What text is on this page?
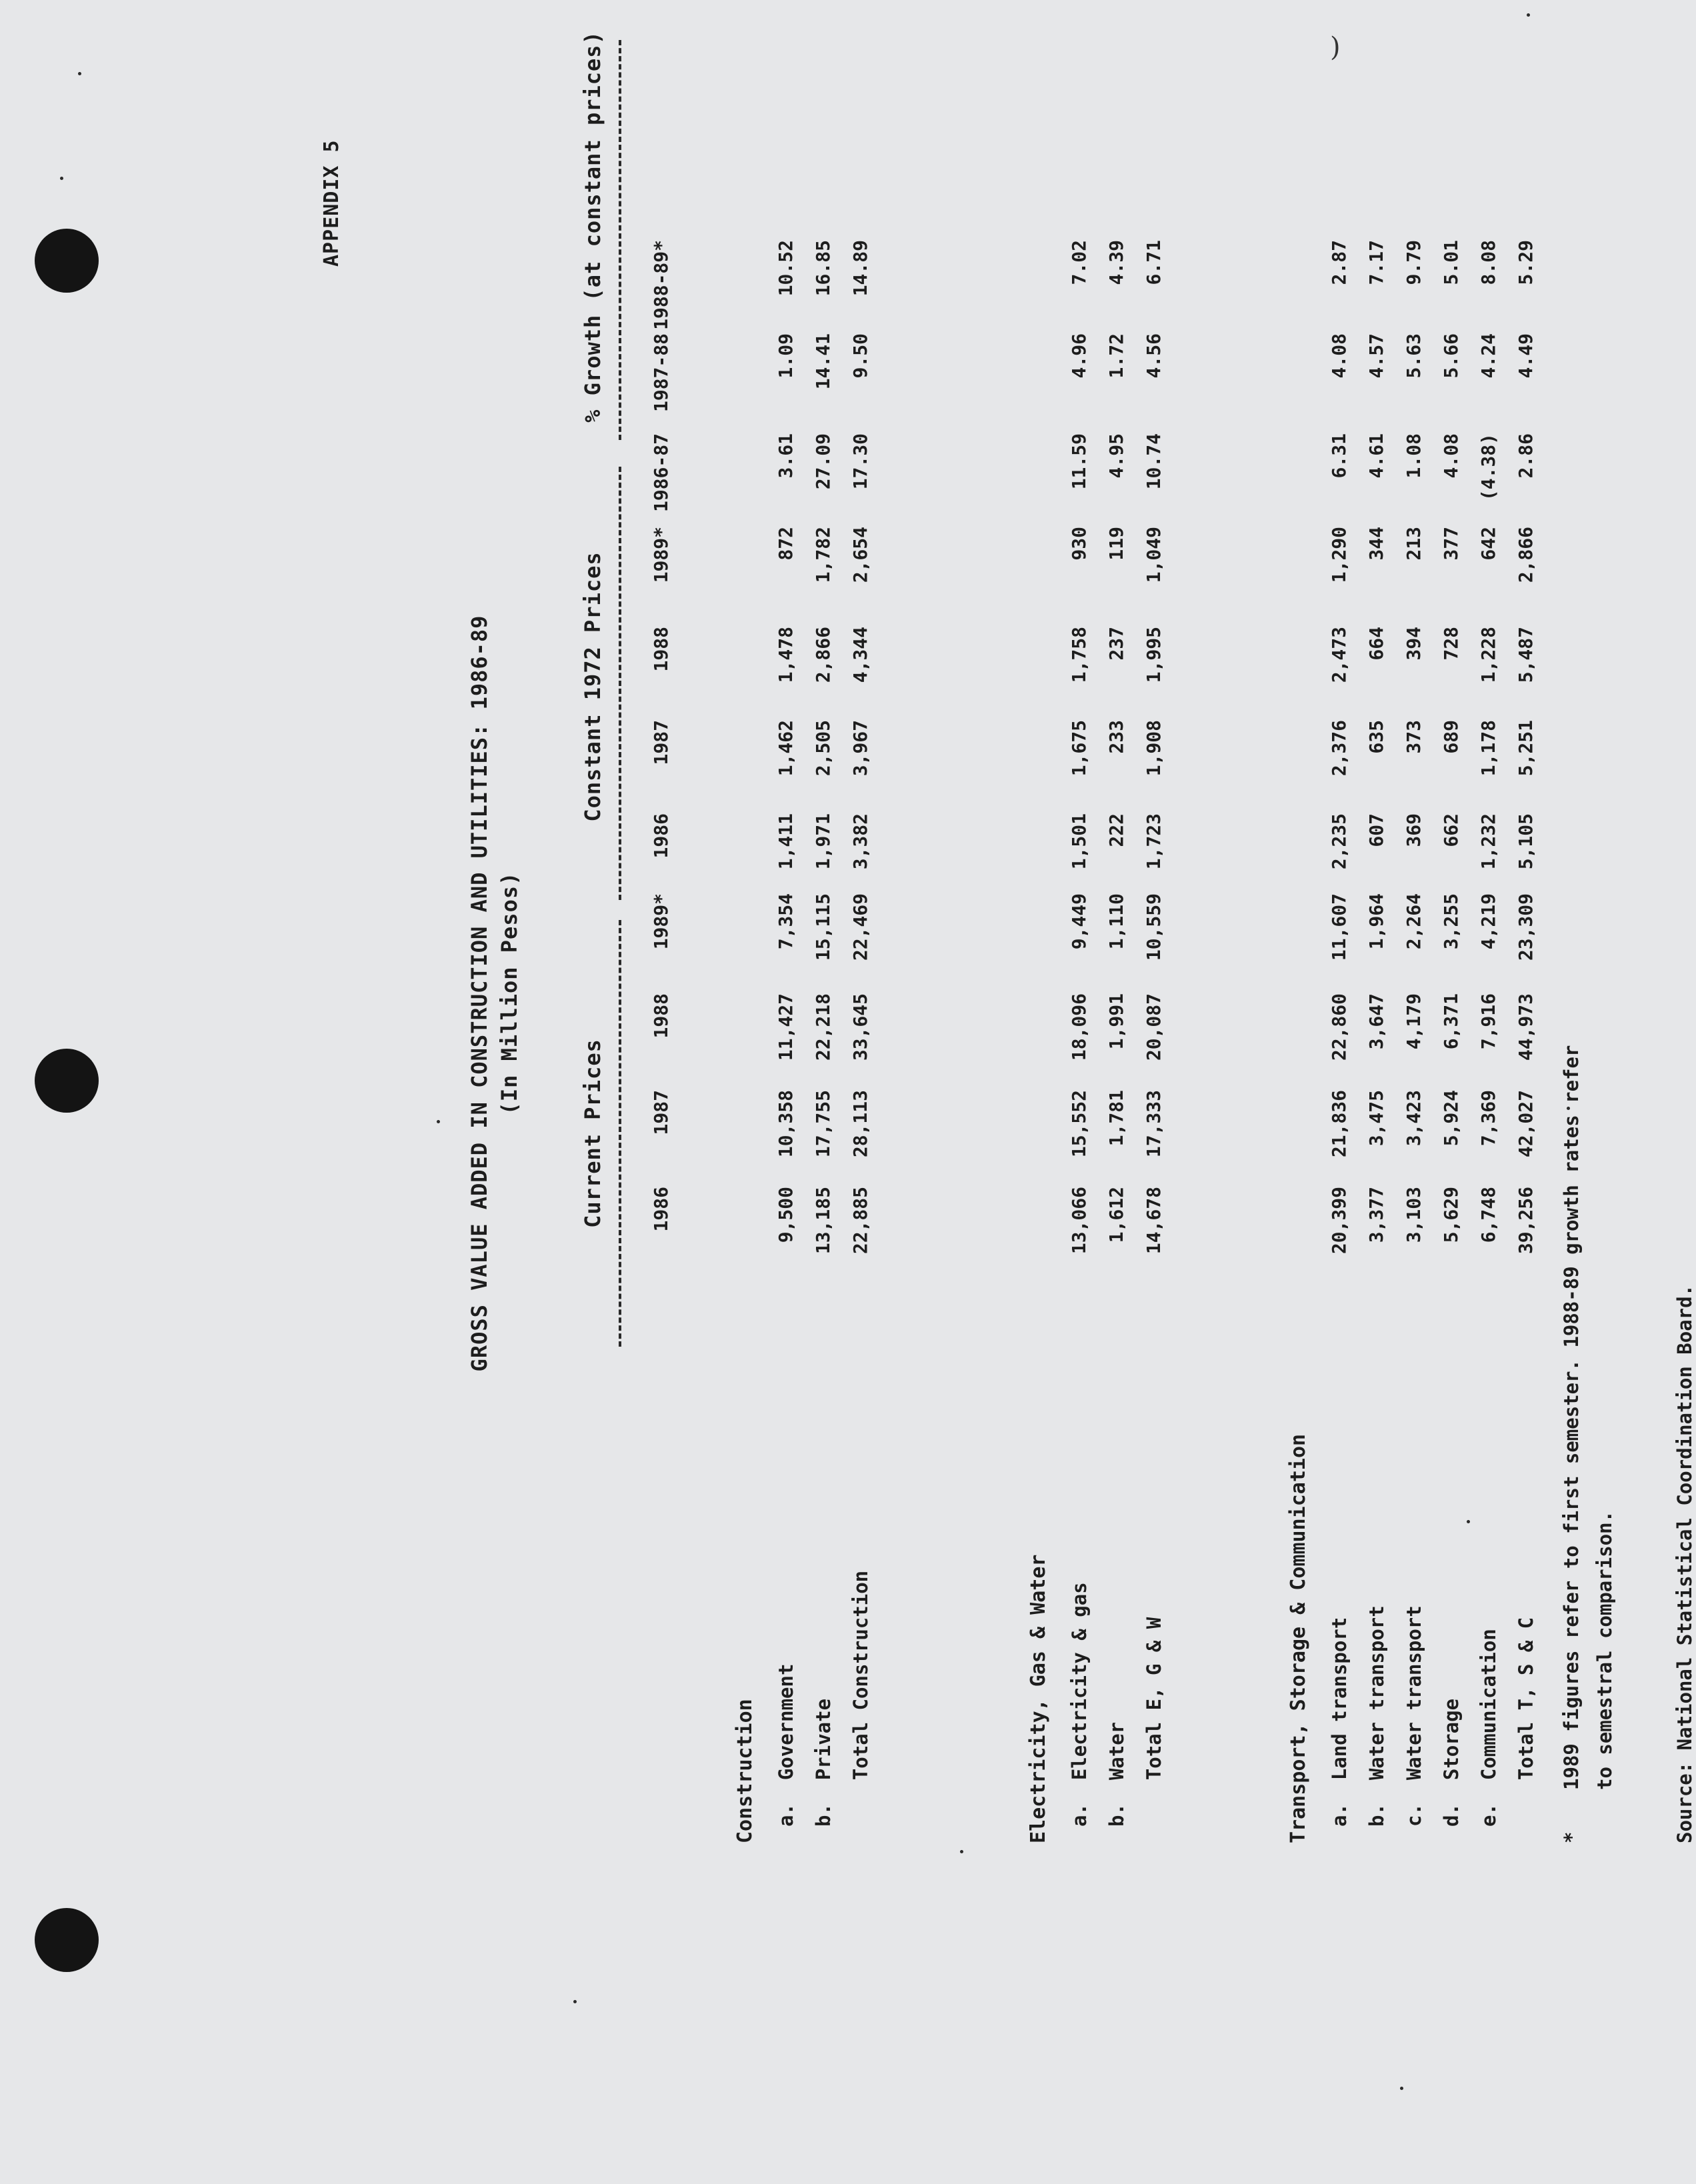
)
APPENDIX 5
GROSS VALUE ADDED IN CONSTRUCTION AND UTILITIES: 1986-89 (In Million Pesos)
Current Prices
Constant 1972 Prices
% Growth (at constant prices)
1986
1987
1988
1989*
1986
1987
1988
1989*
1986-87
1987-88
1988-89*
Construction a.  Government
9,500
10,358
11,427
7,354
1,411
1,462
1,478
872
3.61
1.09
10.52
b.  Private
13,185
17,755
22,218
15,115
1,971
2,505
2,866
1,782
27.09
14.41
16.85
Total Construction
22,885
28,113
33,645
22,469
3,382
3,967
4,344
2,654
17.30
9.50
14.89
Electricity, Gas & Water a.  Electricity & gas
13,066
15,552
18,096
9,449
1,501
1,675
1,758
930
11.59
4.96
7.02
b.  Water
1,612
1,781
1,991
1,110
222
233
237
119
4.95
1.72
4.39
Total E, G & W
14,678
17,333
20,087
10,559
1,723
1,908
1,995
1,049
10.74
4.56
6.71
Transport, Storage & Communication a.  Land transport
20,399
21,836
22,860
11,607
2,235
2,376
2,473
1,290
6.31
4.08
2.87
b.  Water transport
3,377
3,475
3,647
1,964
607
635
664
344
4.61
4.57
7.17
c.  Water transport
3,103
3,423
4,179
2,264
369
373
394
213
1.08
5.63
9.79
d.  Storage
5,629
5,924
6,371
3,255
662
689
728
377
4.08
5.66
5.01
e.  Communication
6,748
7,369
7,916
4,219
1,232
1,178
1,228
642
(4.38)
4.24
8.08
Total T, S & C
39,256
42,027
44,973
23,309
5,105
5,251
5,487
2,866
2.86
4.49
5.29
*
1989 figures refer to first semester. 1988-89 growth rates refer to semestral comparison.	Source: National Statistical Coordination Board.
